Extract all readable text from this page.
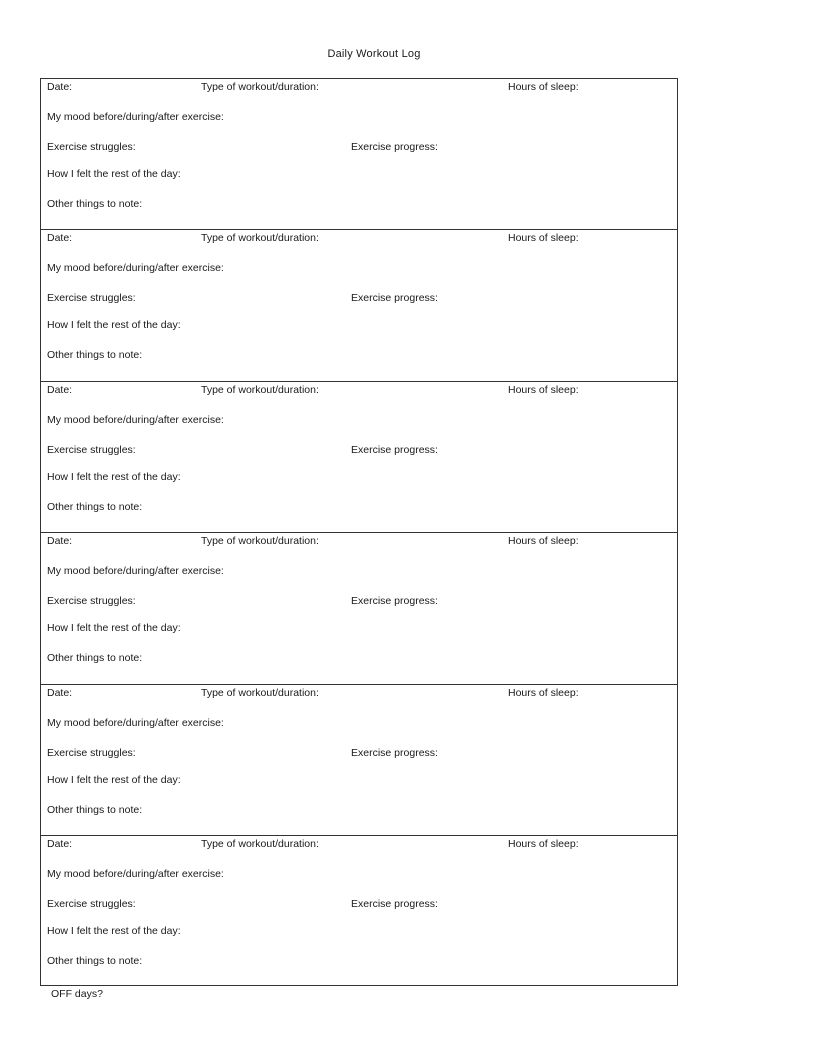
Daily Workout Log
Date:	Type of workout/duration:	Hours of sleep:
My mood before/during/after exercise:
Exercise struggles:	Exercise progress:
How I felt the rest of the day:
Other things to note:
Date:	Type of workout/duration:	Hours of sleep:
My mood before/during/after exercise:
Exercise struggles:	Exercise progress:
How I felt the rest of the day:
Other things to note:
Date:	Type of workout/duration:	Hours of sleep:
My mood before/during/after exercise:
Exercise struggles:	Exercise progress:
How I felt the rest of the day:
Other things to note:
Date:	Type of workout/duration:	Hours of sleep:
My mood before/during/after exercise:
Exercise struggles:	Exercise progress:
How I felt the rest of the day:
Other things to note:
Date:	Type of workout/duration:	Hours of sleep:
My mood before/during/after exercise:
Exercise struggles:	Exercise progress:
How I felt the rest of the day:
Other things to note:
Date:	Type of workout/duration:	Hours of sleep:
My mood before/during/after exercise:
Exercise struggles:	Exercise progress:
How I felt the rest of the day:
Other things to note:
OFF days?
